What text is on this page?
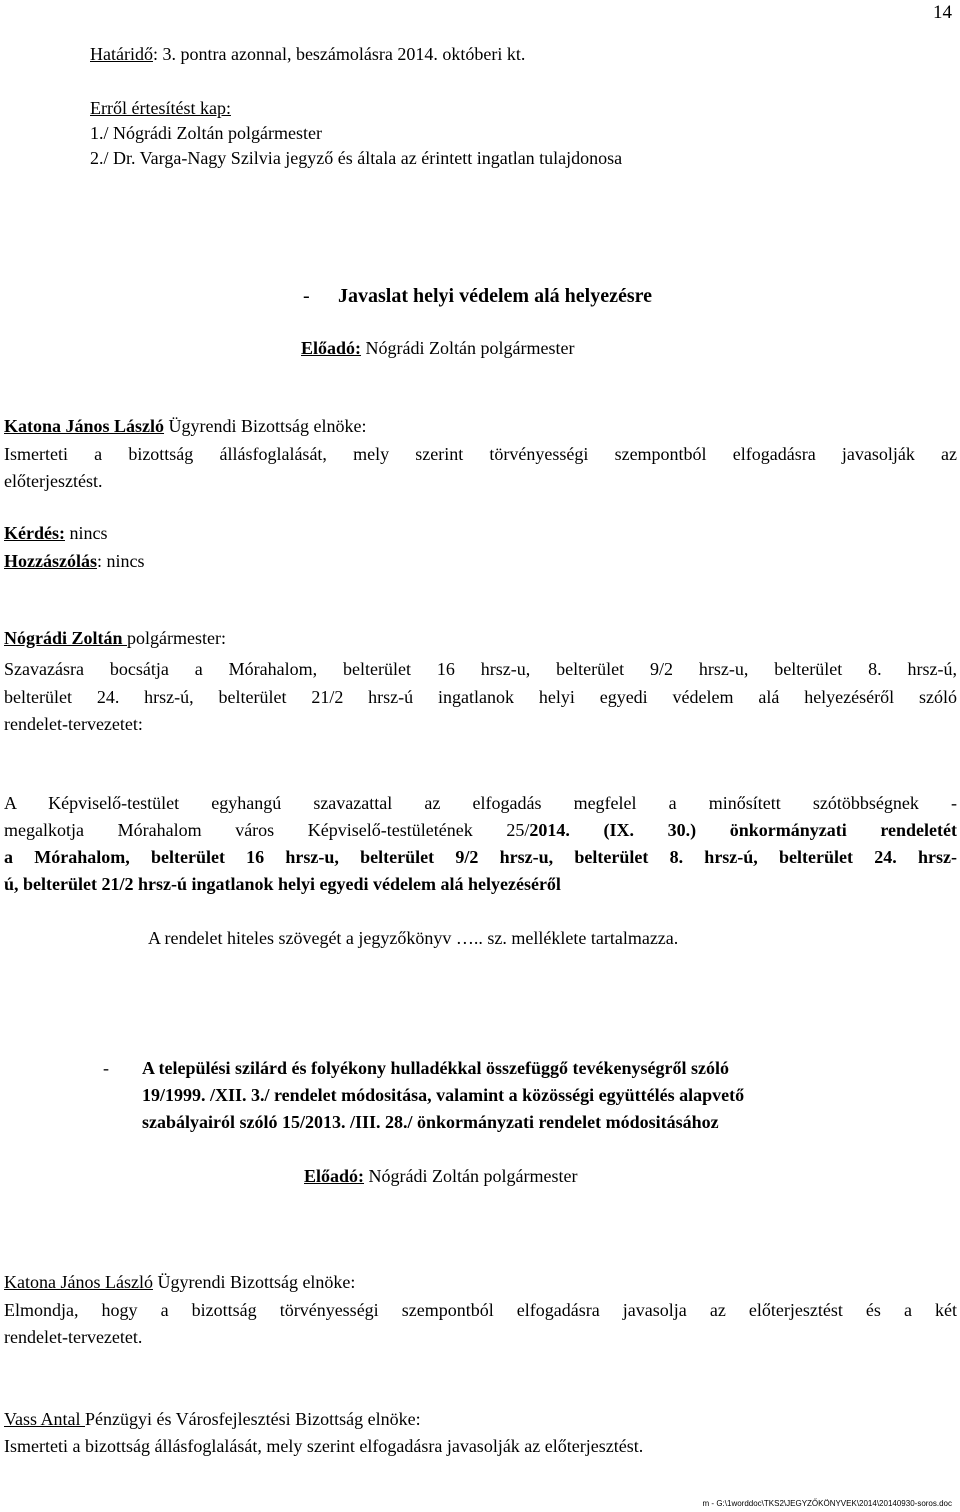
14
Határidő: 3. pontra azonnal, beszámolásra 2014. októberi kt.
Erről értesítést kap:
1./ Nógrádi Zoltán polgármester
2./ Dr. Varga-Nagy Szilvia jegyző és általa az érintett ingatlan tulajdonosa
- Javaslat helyi védelem alá helyezésre
Előadó: Nógrádi Zoltán polgármester
Katona János László Ügyrendi Bizottság elnöke:
Ismerteti a bizottság állásfoglalását, mely szerint törvényességi szempontból elfogadásra javasolják az
előterjesztést.
Kérdés: nincs
Hozzászólás: nincs
Nógrádi Zoltán polgármester:
Szavazásra bocsátja a Mórahalom, belterület 16 hrsz-u, belterület 9/2 hrsz-u, belterület 8. hrsz-ú,
belterület 24. hrsz-ú, belterület 21/2 hrsz-ú ingatlanok helyi egyedi védelem alá helyezéséről szóló
rendelet-tervezetet:
A Képviselő-testület egyhangú szavazattal az elfogadás megfelel a minősített szótöbbségnek -
megalkotja Mórahalom város Képviselő-testületének 25/2014. (IX. 30.) önkormányzati rendeletét
a Mórahalom, belterület 16 hrsz-u, belterület 9/2 hrsz-u, belterület 8. hrsz-ú, belterület 24. hrsz-
ú, belterület 21/2 hrsz-ú ingatlanok helyi egyedi védelem alá helyezéséről
A rendelet hiteles szövegét a jegyzőkönyv ….. sz. melléklete tartalmazza.
- A települési szilárd és folyékony hulladékkal összefüggő tevékenységről szóló
19/1999. /XII. 3./ rendelet módositása, valamint a közösségi együttélés alapvető
szabályairól szóló 15/2013. /III. 28./ önkormányzati rendelet módositásához
Előadó: Nógrádi Zoltán polgármester
Katona János László Ügyrendi Bizottság elnöke:
Elmondja, hogy a bizottság törvényességi szempontból elfogadásra javasolja az előterjesztést és a két
rendelet-tervezetet.
Vass Antal Pénzügyi és Városfejlesztési Bizottság elnöke:
Ismerteti a bizottság állásfoglalását, mely szerint elfogadásra javasolják az előterjesztést.
m - G:\1worddoc\TKS2\JEGYZŐKÖNYVEK\2014\20140930-soros.doc
